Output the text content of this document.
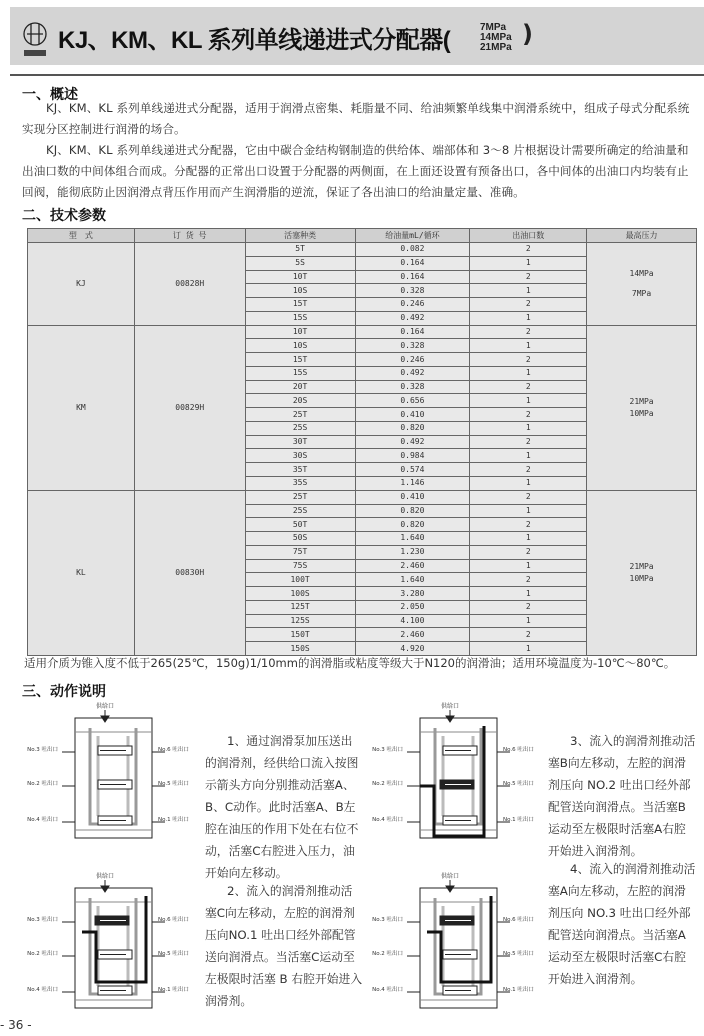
KJ、KM、KL 系列单线递进式分配器(	7MPa
14MPa
21MPa )
一、概述
KJ、KM、KL 系列单线递进式分配器，适用于润滑点密集、耗脂量不同、给油频繁单线集中润滑系统中，组成子母式分配系统实现分区控制进行润滑的场合。
KJ、KM、KL 系列单线递进式分配器，它由中碳合金结构钢制造的供给体、端部体和 3～8 片根据设计需要所确定的给油量和出油口数的中间体组合而成。分配器的正常出口设置于分配器的两侧面，在上面还设置有预备出口，各中间体的出油口内均装有止回阀，能彻底防止因润滑点背压作用而产生润滑脂的逆流，保证了各出油口的给油量定量、准确。
二、技术参数
型　式	订 货 号	活塞种类	给油量mL/循环	出油口数	最高压力
KJ	00828H	5T	0.082	2	14MPa
7MPa

		5S	0.164	1	
		10T	0.164	2	
		10S	0.328	1	
		15T	0.246	2	
		15S	0.492	1	
KM	00829H	10T	0.164	2	21MPa
10MPa

		10S	0.328	1	
		15T	0.246	2	
		15S	0.492	1	
		20T	0.328	2	
		20S	0.656	1	
		25T	0.410	2	
		25S	0.820	1	
		30T	0.492	2	
		30S	0.984	1	
		35T	0.574	2	
		35S	1.146	1	
KL	00830H	25T	0.410	2	21MPa
10MPa

		25S	0.820	1	
		50T	0.820	2	
		50S	1.640	1	
		75T	1.230	2	
		75S	2.460	1	
		100T	1.640	2	
		100S	3.280	1	
		125T	2.050	2	
		125S	4.100	1	
		150T	2.460	2	
		150S	4.920	1	
适用介质为锥入度不低于265(25℃，150g)1/10mm的润滑脂或粘度等级大于N120的润滑油；适用环境温度为-10℃～80℃。
三、动作说明
供给口
No.3 吐出口
No.2 吐出口
No.4 吐出口
No.6 吐出口
No.5 吐出口
No.1 吐出口
供给口
No.3 吐出口
No.2 吐出口
No.4 吐出口
No.6 吐出口
No.5 吐出口
No.1 吐出口
供给口
No.3 吐出口
No.2 吐出口
No.4 吐出口
No.6 吐出口
No.5 吐出口
No.1 吐出口
供给口
No.3 吐出口
No.2 吐出口
No.4 吐出口
No.6 吐出口
No.5 吐出口
No.1 吐出口
1、通过润滑泵加压送出的润滑剂，经供给口流入按图示箭头方向分别推动活塞A、B、C动作。此时活塞A、B左腔在油压的作用下处在右位不动，活塞C右腔进入压力，油开始向左移动。
2、流入的润滑剂推动活塞C向左移动，左腔的润滑剂压向NO.1 吐出口经外部配管送向润滑点。当活塞C运动至左极限时活塞 B 右腔开始进入润滑剂。
3、流入的润滑剂推动活塞B向左移动，左腔的润滑剂压向 NO.2 吐出口经外部配管送向润滑点。当活塞B运动至左极限时活塞A右腔开始进入润滑剂。
4、流入的润滑剂推动活塞A向左移动，左腔的润滑剂压向 NO.3 吐出口经外部配管送向润滑点。当活塞A运动至左极限时活塞C右腔开始进入润滑剂。
- 36 -
